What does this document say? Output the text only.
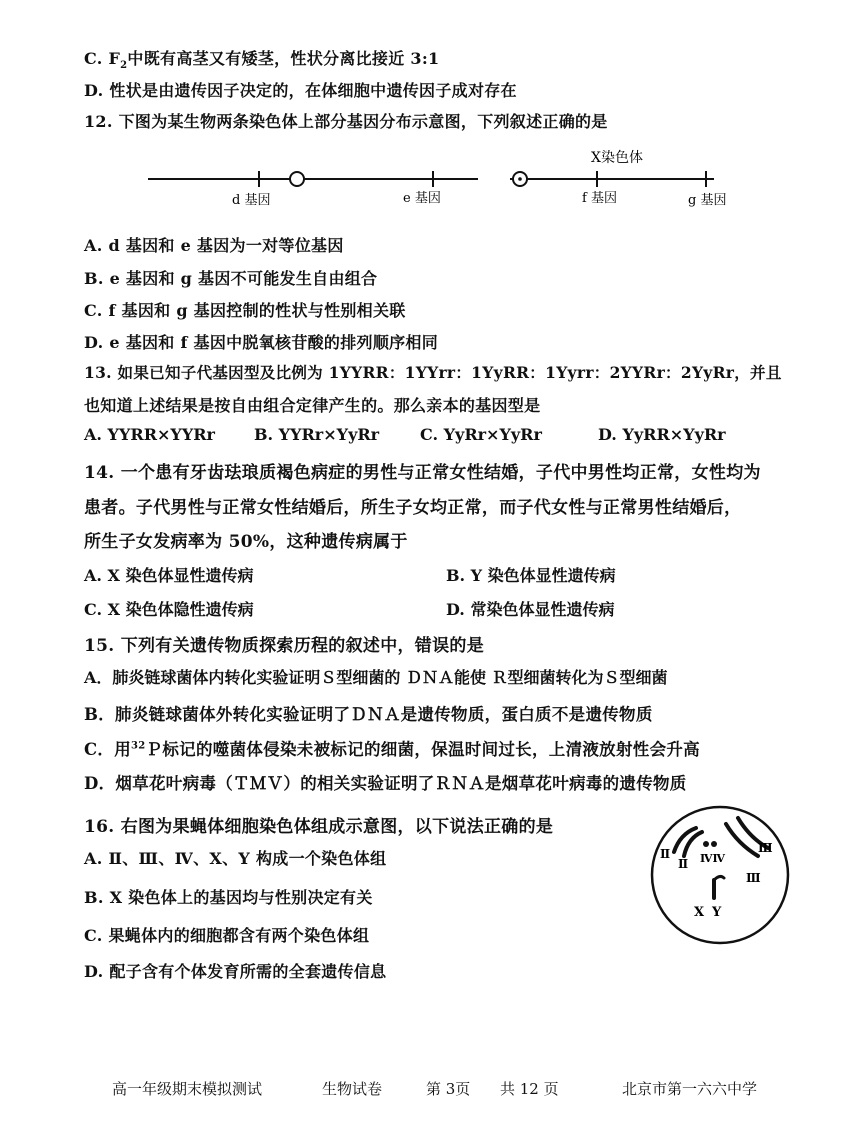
C. $F_2$中既有高茎又有矮茎，性状分离比接近 3:1
D. 性状是由遗传因子决定的，在体细胞中遗传因子成对存在
12. 下图为某生物两条染色体上部分基因分布示意图，下列叙述正确的是
X染色体
d 基因	e 基因	f 基因	g 基因
A. d 基因和 e 基因为一对等位基因
B. e 基因和 g 基因不可能发生自由组合
C. f 基因和 g 基因控制的性状与性别相关联
D. e 基因和 f 基因中脱氧核苷酸的排列顺序相同
13. 如果已知子代基因型及比例为 1YYRR：1YYrr：1YyRR：1Yyrr：2YYRr：2YyRr，并且
也知道上述结果是按自由组合定律产生的。那么亲本的基因型是
A. YYRR×YYRr B. YYRr×YyRr	C. YyRr×YyRr	D. YyRR×YyRr
14. 一个患有牙齿珐琅质褐色病症的男性与正常女性结婚，子代中男性均正常，女性均为
患者。子代男性与正常女性结婚后，所生子女均正常，而子代女性与正常男性结婚后，
所生子女发病率为 50%，这种遗传病属于
A. X 染色体显性遗传病	B. Y 染色体显性遗传病
C. X 染色体隐性遗传病	D. 常染色体显性遗传病
15. 下列有关遗传物质探索历程的叙述中，错误的是
A．肺炎链球菌体内转化实验证明Ｓ型细菌的 ＤＮＡ能使 Ｒ型细菌转化为Ｓ型细菌
B．肺炎链球菌体外转化实验证明了ＤＮＡ是遗传物质，蛋白质不是遗传物质
C．用$^{32}$Ｐ标记的噬菌体侵染未被标记的细菌，保温时间过长，上清液放射性会升高
D．烟草花叶病毒（ＴＭＶ）的相关实验证明了ＲＮＡ是烟草花叶病毒的遗传物质
16. 右图为果蝇体细胞染色体组成示意图，以下说法正确的是
A. Ⅱ、Ⅲ、Ⅳ、X、Y 构成一个染色体组
B. X 染色体上的基因均与性别决定有关
C. 果蝇体内的细胞都含有两个染色体组
D. 配子含有个体发育所需的全套遗传信息
Ⅱ
Ⅱ ⅣⅣ
Ⅲ
Ⅲ
X Y
高一年级期末模拟测试	生物试卷	第 3页 共 12 页	北京市第一六六中学
